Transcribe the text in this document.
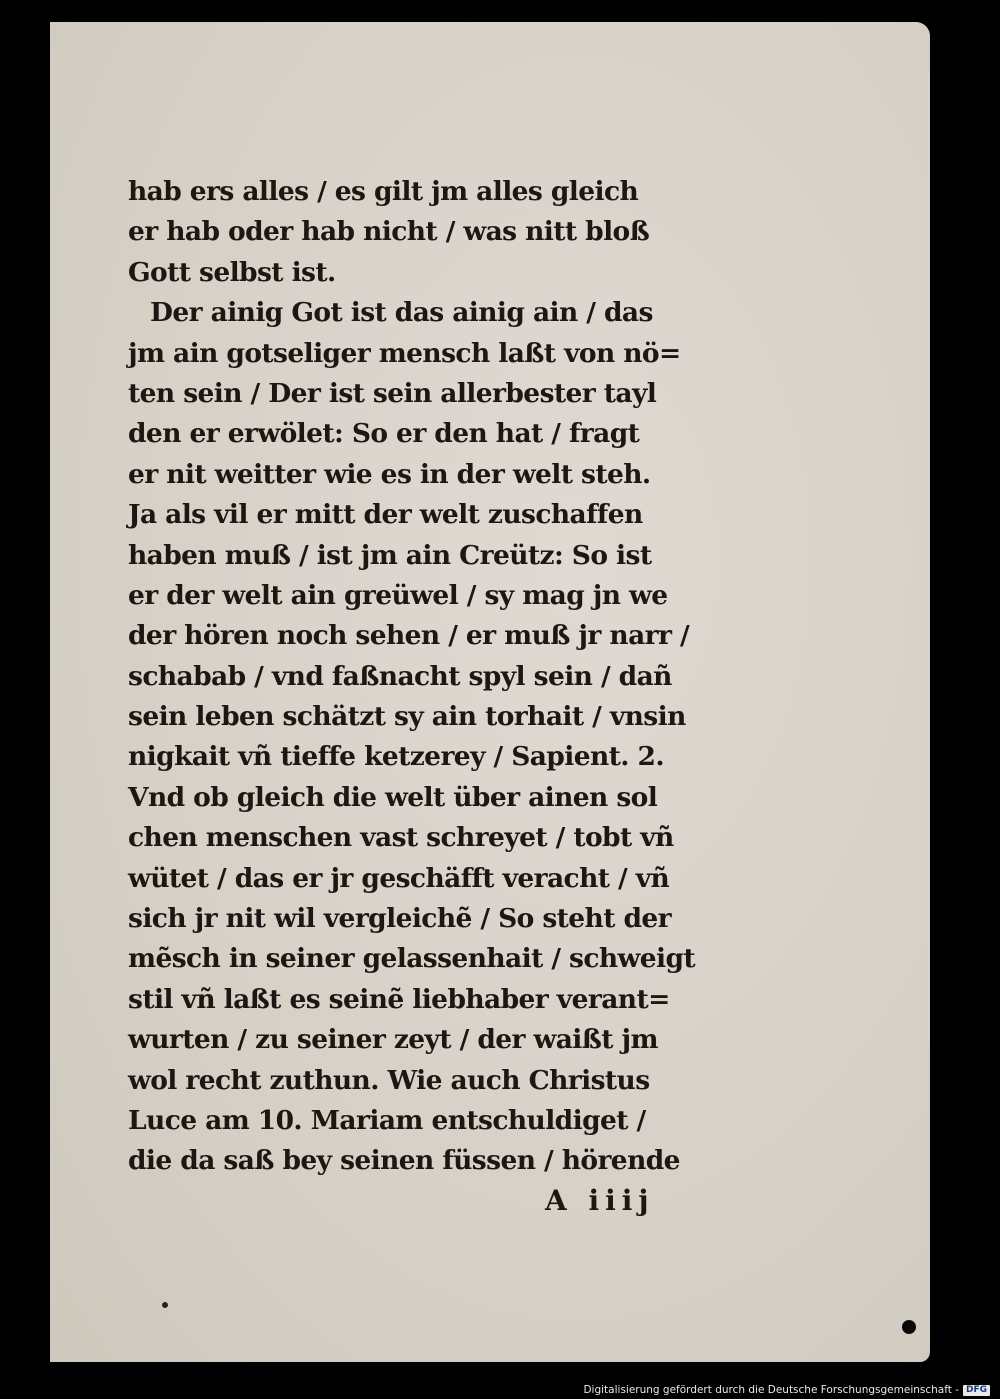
hab ers alles / es gilt jm alles gleich
er hab oder hab nicht / was nitt bloß
Gott selbst ist.
Der ainig Got ist das ainig ain / das
jm ain gotseliger mensch laßt von nö=
ten sein / Der ist sein allerbester tayl
den er erwölet: So er den hat / fragt
er nit weitter wie es in der welt steh.
Ja als vil er mitt der welt zuschaffen
haben muß / ist jm ain Creütz: So ist
er der welt ain greüwel / sy mag jn we
der hören noch sehen / er muß jr narr /
schabab / vnd faßnacht spyl sein / dañ
sein leben schätzt sy ain torhait / vnsin
nigkait vñ tieffe ketzerey / Sapient. 2.
Vnd ob gleich die welt über ainen sol
chen menschen vast schreyet / tobt vñ
wütet / das er jr geschäfft veracht / vñ
sich jr nit wil vergleichẽ / So steht der
mẽsch in seiner gelassenhait / schweigt
stil vñ laßt es seinẽ liebhaber verant=
wurten / zu seiner zeyt / der waißt jm
wol recht zuthun. Wie auch Christus
Luce am 10. Mariam entschuldiget /
die da saß bey seinen füssen / hörende
A iiij
Digitalisierung gefördert durch die Deutsche Forschungsgemeinschaft - DFG
